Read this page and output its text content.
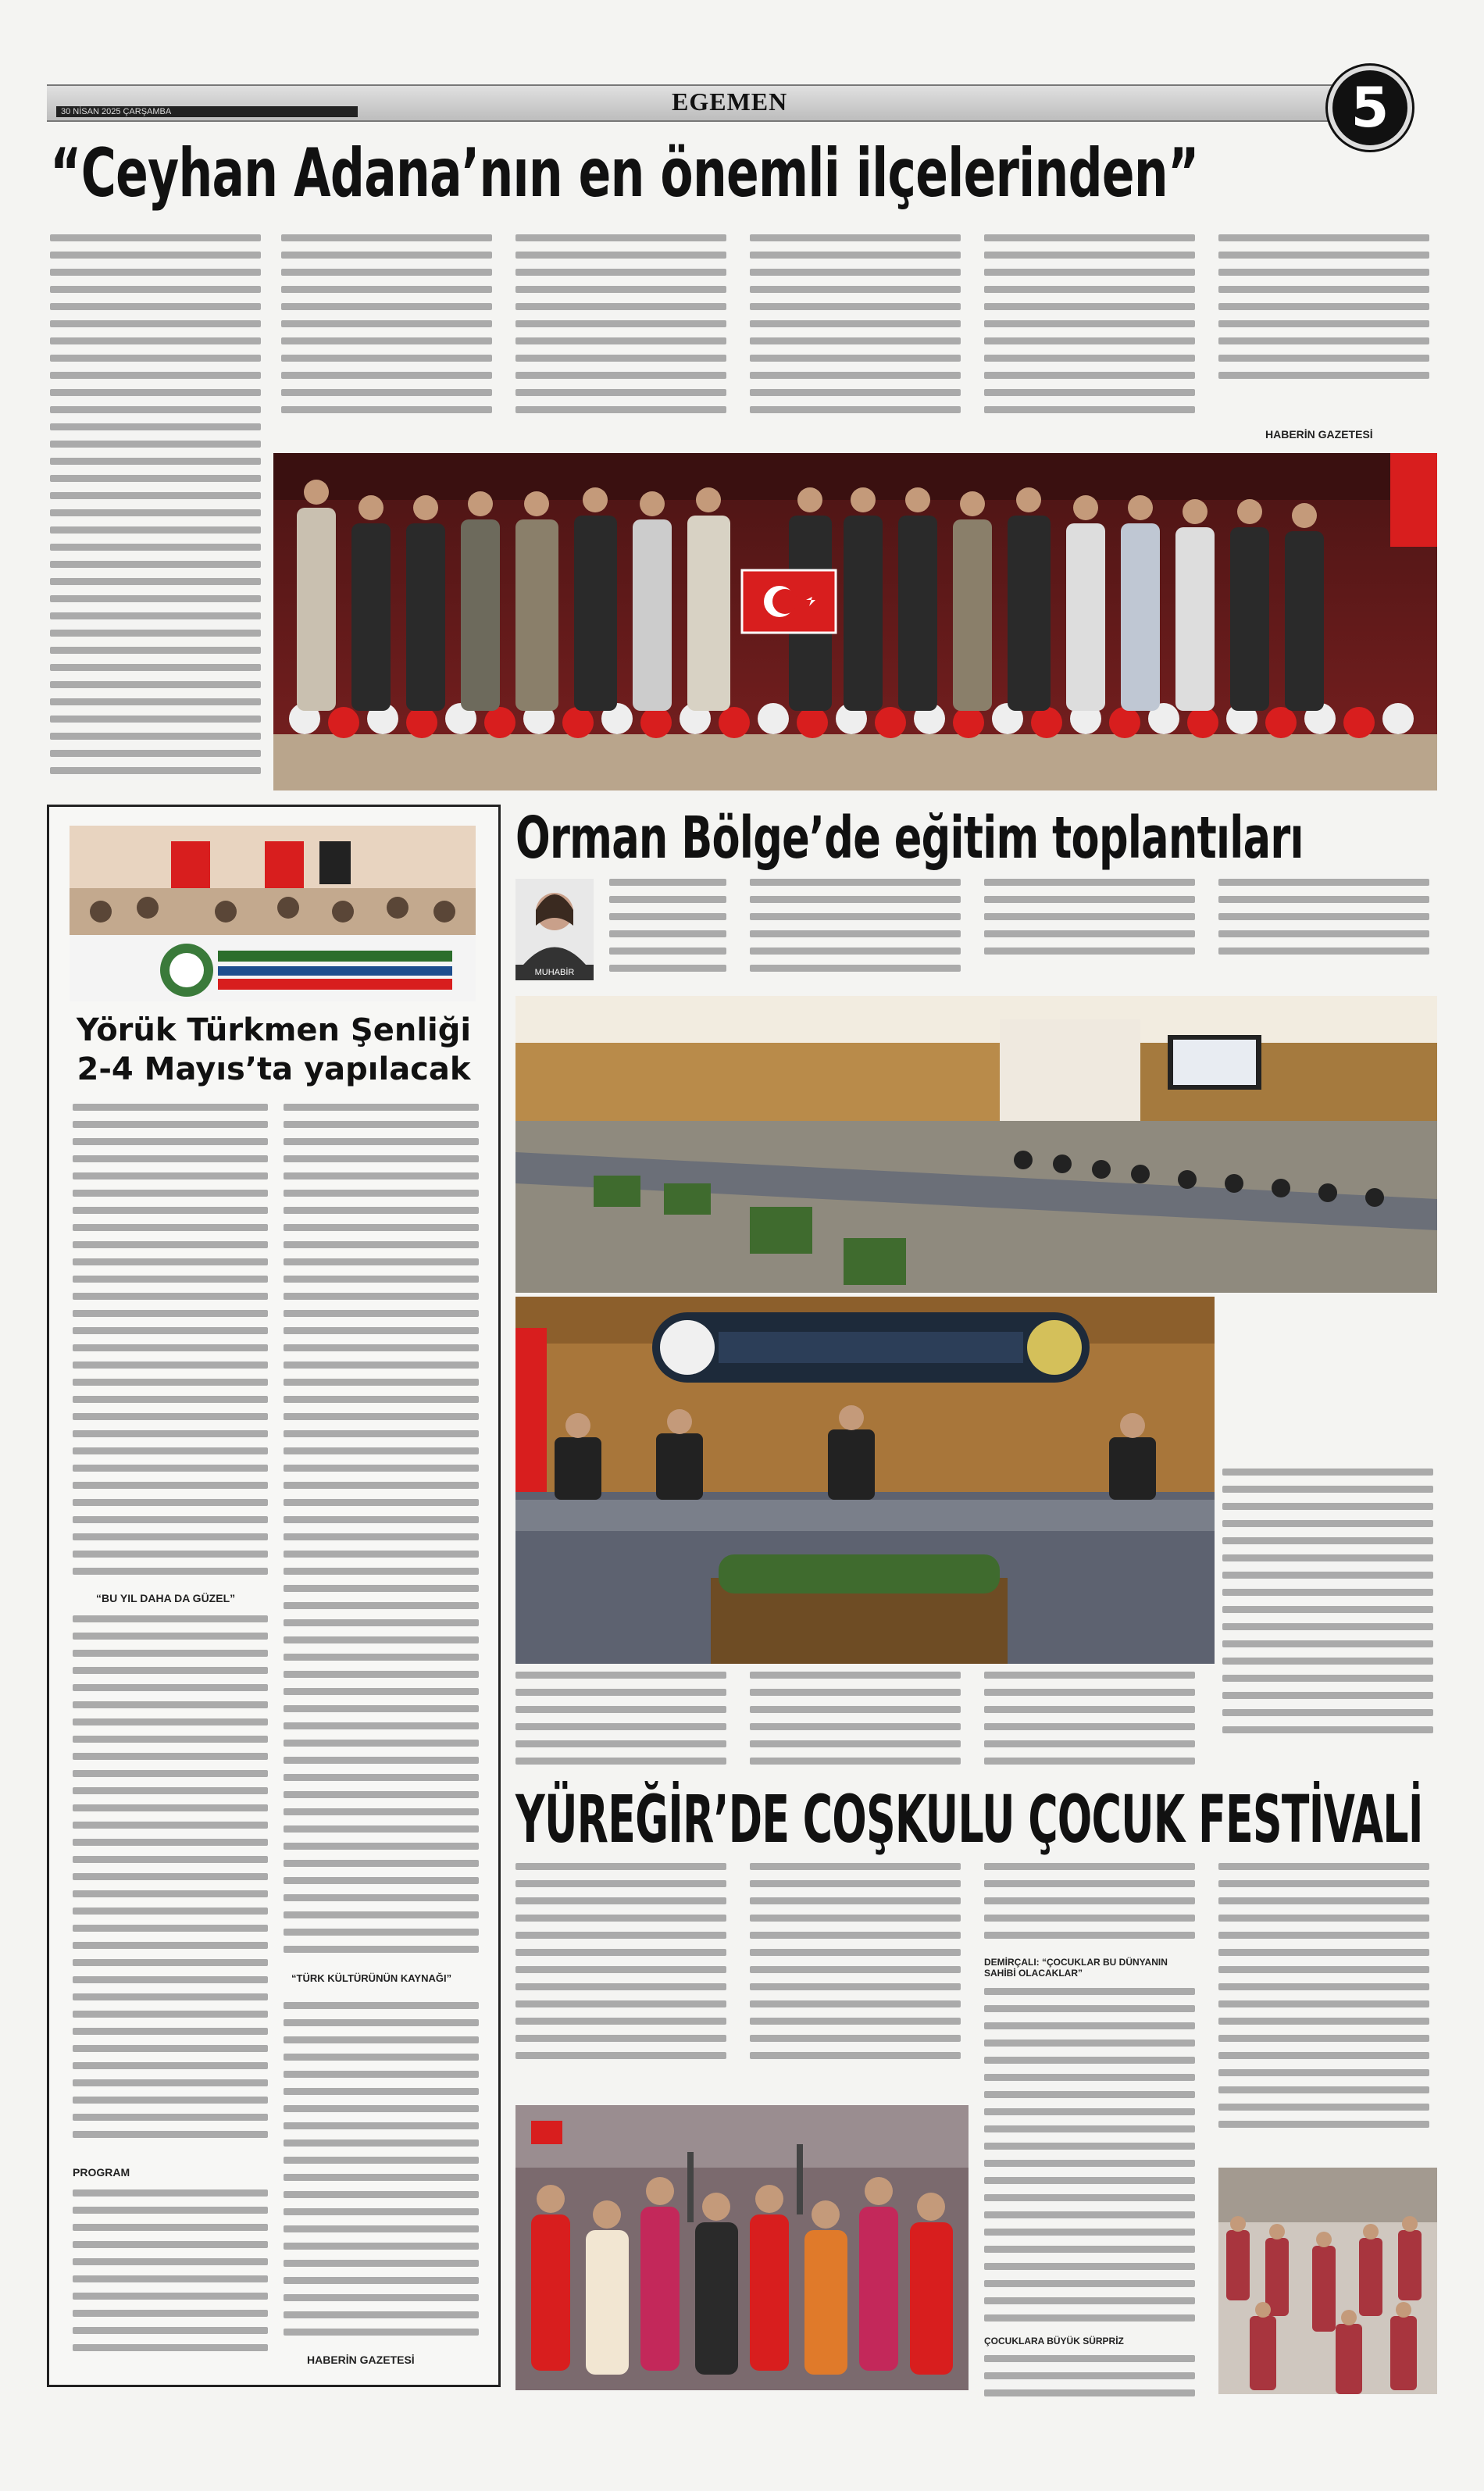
30 NİSAN 2025 ÇARŞAMBA	EGEMEN	5
“Ceyhan Adana’nın en önemli ilçelerinden”
HABERİN GAZETESİ
Yörük Türkmen Şenliği
2-4 Mayıs’ta yapılacak
“BU YIL DAHA DA GÜZEL”
PROGRAM
“TÜRK KÜLTÜRÜNÜN KAYNAĞI”
HABERİN GAZETESİ
Orman Bölge’de eğitim toplantıları
MUHABİR
YÜREĞİR’DE COŞKULU ÇOCUK FESTİVALİ
DEMİRÇALI: “ÇOCUKLAR BU DÜNYANIN SAHİBİ OLACAKLAR”
ÇOCUKLARA BÜYÜK SÜRPRİZ
